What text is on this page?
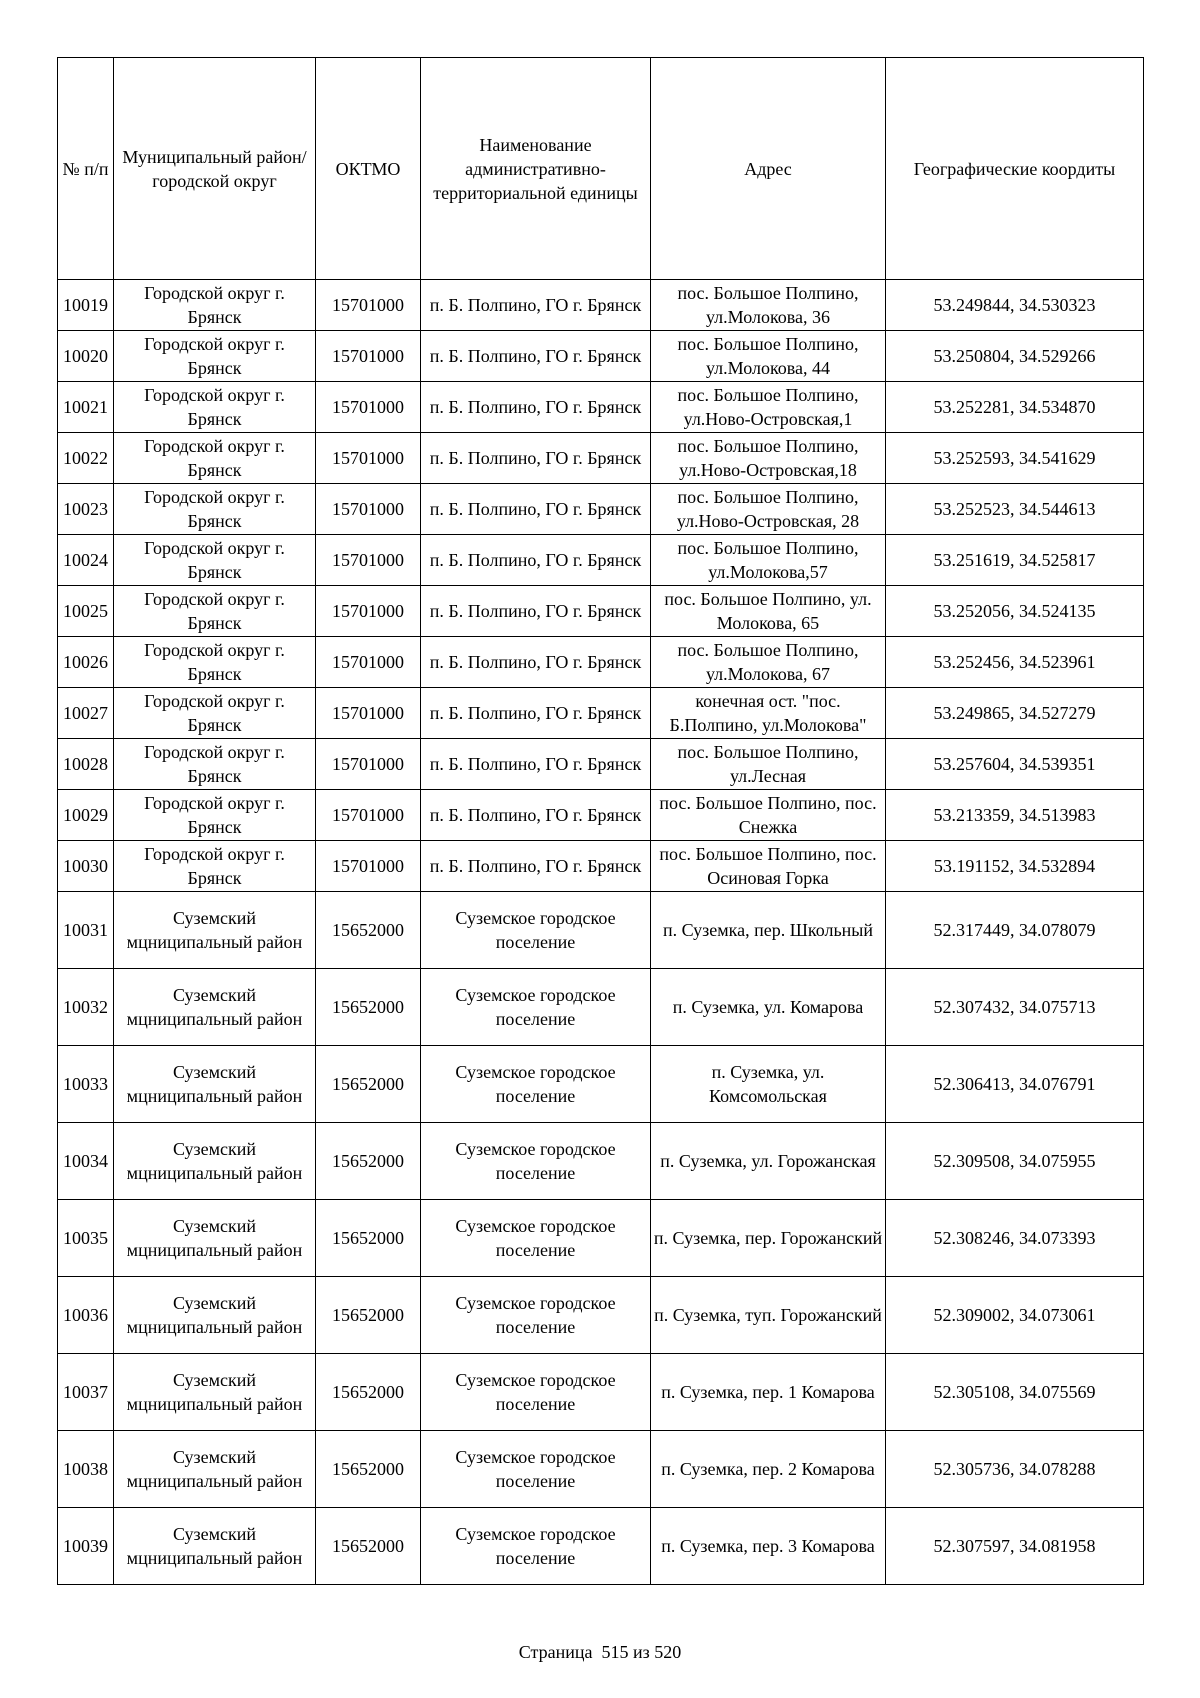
№ п/п	Муниципальный район/городской округ	ОКТМО	Наименование административно-территориальной единицы	Адрес	Географические коордиты
10019	Городской округ г. Брянск	15701000	п. Б. Полпино, ГО г. Брянск	пос. Большое Полпино, ул.Молокова, 36	53.249844, 34.530323
10020	Городской округ г. Брянск	15701000	п. Б. Полпино, ГО г. Брянск	пос. Большое Полпино, ул.Молокова, 44	53.250804, 34.529266
10021	Городской округ г. Брянск	15701000	п. Б. Полпино, ГО г. Брянск	пос. Большое Полпино, ул.Ново-Островская,1	53.252281, 34.534870
10022	Городской округ г. Брянск	15701000	п. Б. Полпино, ГО г. Брянск	пос. Большое Полпино, ул.Ново-Островская,18	53.252593, 34.541629
10023	Городской округ г. Брянск	15701000	п. Б. Полпино, ГО г. Брянск	пос. Большое Полпино, ул.Ново-Островская, 28	53.252523, 34.544613
10024	Городской округ г. Брянск	15701000	п. Б. Полпино, ГО г. Брянск	пос. Большое Полпино, ул.Молокова,57	53.251619, 34.525817
10025	Городской округ г. Брянск	15701000	п. Б. Полпино, ГО г. Брянск	пос. Большое Полпино, ул. Молокова, 65	53.252056, 34.524135
10026	Городской округ г. Брянск	15701000	п. Б. Полпино, ГО г. Брянск	пос. Большое Полпино, ул.Молокова, 67	53.252456, 34.523961
10027	Городской округ г. Брянск	15701000	п. Б. Полпино, ГО г. Брянск	конечная ост. "пос. Б.Полпино, ул.Молокова"	53.249865, 34.527279
10028	Городской округ г. Брянск	15701000	п. Б. Полпино, ГО г. Брянск	пос. Большое Полпино, ул.Лесная	53.257604, 34.539351
10029	Городской округ г. Брянск	15701000	п. Б. Полпино, ГО г. Брянск	пос. Большое Полпино, пос. Снежка	53.213359, 34.513983
10030	Городской округ г. Брянск	15701000	п. Б. Полпино, ГО г. Брянск	пос. Большое Полпино, пос. Осиновая Горка	53.191152, 34.532894
10031	Суземский мцниципальный район	15652000	Суземское городское поселение	п. Суземка, пер. Школьный	52.317449, 34.078079
10032	Суземский мцниципальный район	15652000	Суземское городское поселение	п. Суземка, ул. Комарова	52.307432, 34.075713
10033	Суземский мцниципальный район	15652000	Суземское городское поселение	п. Суземка, ул. Комсомольская	52.306413, 34.076791
10034	Суземский мцниципальный район	15652000	Суземское городское поселение	п. Суземка, ул. Горожанская	52.309508, 34.075955
10035	Суземский мцниципальный район	15652000	Суземское городское поселение	п. Суземка, пер. Горожанский	52.308246, 34.073393
10036	Суземский мцниципальный район	15652000	Суземское городское поселение	п. Суземка, туп. Горожанский	52.309002, 34.073061
10037	Суземский мцниципальный район	15652000	Суземское городское поселение	п. Суземка, пер. 1 Комарова	52.305108, 34.075569
10038	Суземский мцниципальный район	15652000	Суземское городское поселение	п. Суземка, пер. 2 Комарова	52.305736, 34.078288
10039	Суземский мцниципальный район	15652000	Суземское городское поселение	п. Суземка, пер. 3 Комарова	52.307597, 34.081958
Страница 515 из 520
